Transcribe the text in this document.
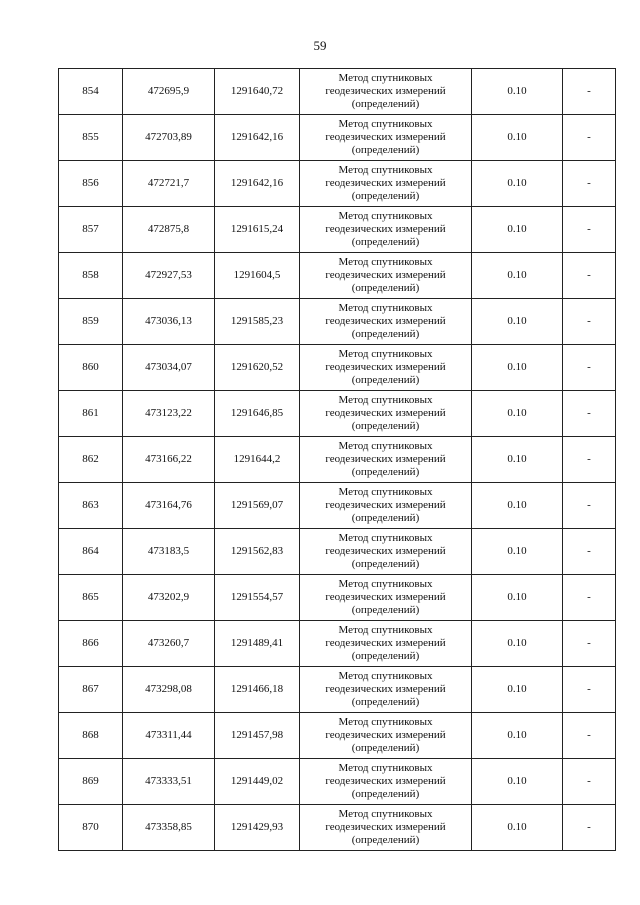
59
854	472695,9	1291640,72	Метод спутниковых
геодезических измерений
(определений)	0.10	-
855	472703,89	1291642,16	Метод спутниковых
геодезических измерений
(определений)	0.10	-
856	472721,7	1291642,16	Метод спутниковых
геодезических измерений
(определений)	0.10	-
857	472875,8	1291615,24	Метод спутниковых
геодезических измерений
(определений)	0.10	-
858	472927,53	1291604,5	Метод спутниковых
геодезических измерений
(определений)	0.10	-
859	473036,13	1291585,23	Метод спутниковых
геодезических измерений
(определений)	0.10	-
860	473034,07	1291620,52	Метод спутниковых
геодезических измерений
(определений)	0.10	-
861	473123,22	1291646,85	Метод спутниковых
геодезических измерений
(определений)	0.10	-
862	473166,22	1291644,2	Метод спутниковых
геодезических измерений
(определений)	0.10	-
863	473164,76	1291569,07	Метод спутниковых
геодезических измерений
(определений)	0.10	-
864	473183,5	1291562,83	Метод спутниковых
геодезических измерений
(определений)	0.10	-
865	473202,9	1291554,57	Метод спутниковых
геодезических измерений
(определений)	0.10	-
866	473260,7	1291489,41	Метод спутниковых
геодезических измерений
(определений)	0.10	-
867	473298,08	1291466,18	Метод спутниковых
геодезических измерений
(определений)	0.10	-
868	473311,44	1291457,98	Метод спутниковых
геодезических измерений
(определений)	0.10	-
869	473333,51	1291449,02	Метод спутниковых
геодезических измерений
(определений)	0.10	-
870	473358,85	1291429,93	Метод спутниковых
геодезических измерений
(определений)	0.10	-
